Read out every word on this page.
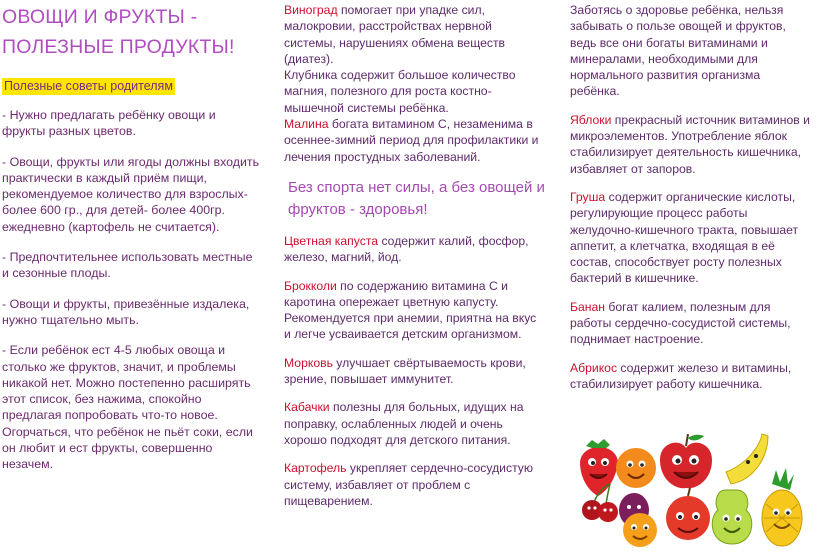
ОВОЩИ И ФРУКТЫ -
ПОЛЕЗНЫЕ ПРОДУКТЫ!
Полезные советы родителям

- Нужно предлагать ребёнку овощи и фрукты разных цветов.

- Овощи, фрукты или ягоды должны входить практически в каждый приём пищи, рекомендуемое количество для взрослых- более 600 гр., для детей- более 400гр. ежедневно (картофель не считается).

- Предпочтительнее использовать местные и сезонные плоды.

- Овощи и фрукты, привезённые издалека, нужно тщательно мыть.

- Если ребёнок ест 4-5 любых овоща и столько же фруктов, значит, и проблемы никакой нет. Можно постепенно расширять этот список, без нажима, спокойно предлагая попробовать что-то новое. Огорчаться, что ребёнок не пьёт соки, если он любит и ест фрукты, совершенно незачем.

Виноград помогает при упадке сил, малокровии, расстройствах нервной системы, нарушениях обмена веществ (диатез).

Клубника содержит большое количество магния, полезного для роста костно-мышечной системы ребёнка.

Малина богата витамином С, незаменима в осеннее-зимний период для профилактики и лечения простудных заболеваний.

Без спорта нет силы, а без овощей и фруктов - здоровья!

Цветная капуста содержит калий, фосфор, железо, магний, йод.

Брокколи по содержанию витамина С и каротина опережает цветную капусту. Рекомендуется при анемии, приятна на вкус и легче усваивается детским организмом.

Морковь улучшает свёртываемость крови, зрение, повышает иммунитет.

Кабачки полезны для больных, идущих на поправку, ослабленных людей и очень хорошо подходят для детского питания.

Картофель укрепляет сердечно-сосудистую систему, избавляет от проблем с пищеварением.

Заботясь о здоровье ребёнка, нельзя забывать о пользе овощей и фруктов, ведь все они богаты витаминами и минералами, необходимыми для нормального развития организма ребёнка.

Яблоки прекрасный источник витаминов и микроэлементов. Употребление яблок стабилизирует деятельность кишечника, избавляет от запоров.

Груша содержит органические кислоты, регулирующие процесс работы желудочно-кишечного тракта, повышает аппетит, а клетчатка, входящая в её состав, способствует росту полезных бактерий в кишечнике.

Банан богат калием, полезным для работы сердечно-сосудистой системы, поднимает настроение.

Абрикос содержит железо и витамины, стабилизирует работу кишечника.
